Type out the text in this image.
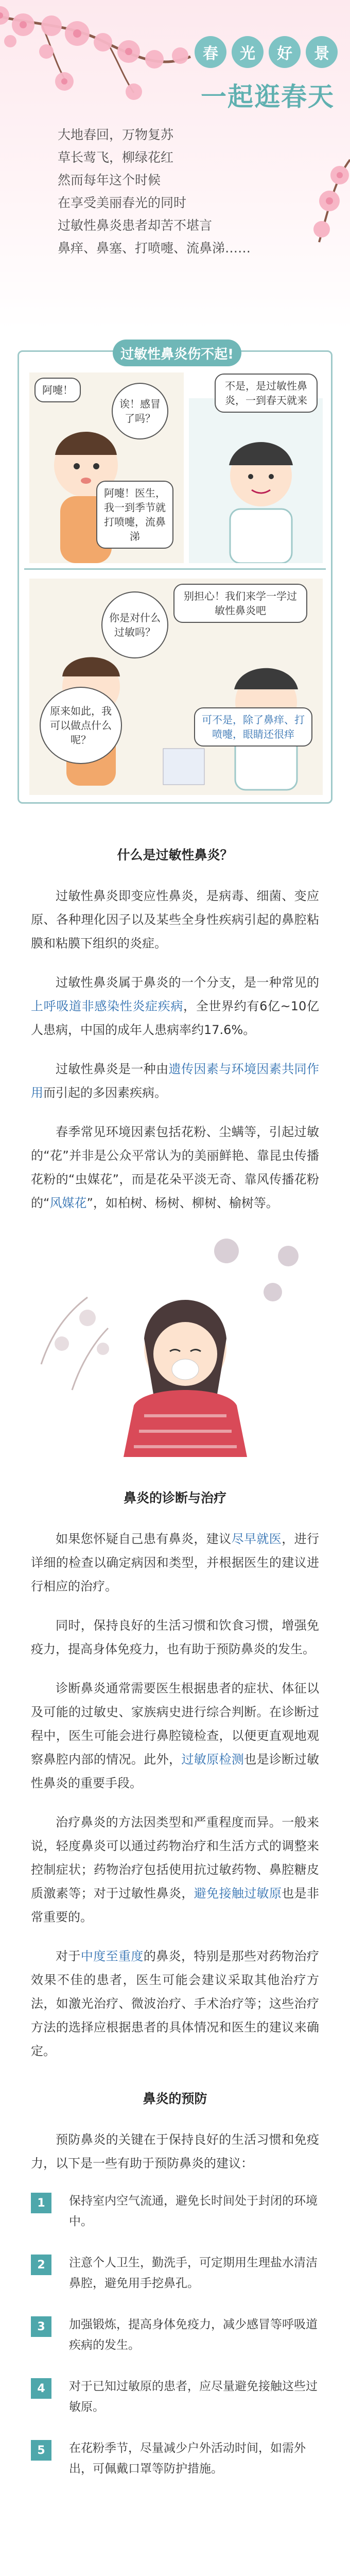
春	光	好	景
一起逛春天
大地春回，万物复苏
草长莺飞，柳绿花红
然而每年这个时候
在享受美丽春光的同时
过敏性鼻炎患者却苦不堪言
鼻痒、鼻塞、打喷嚏、流鼻涕……
过敏性鼻炎伤不起!
不是，是过敏性鼻炎，一到春天就来
阿嚏！
诶！感冒了吗？
阿嚏！医生，我一到季节就打喷嚏，流鼻涕
别担心！我们来学一学过敏性鼻炎吧
你是对什么过敏吗？
原来如此，我可以做点什么呢？
可不是，除了鼻痒、打喷嚏，眼睛还很痒
什么是过敏性鼻炎？

过敏性鼻炎即变应性鼻炎，是病毒、细菌、变应原、各种理化因子以及某些全身性疾病引起的鼻腔粘膜和粘膜下组织的炎症。

过敏性鼻炎属于鼻炎的一个分支，是一种常见的上呼吸道非感染性炎症疾病，全世界约有6亿~10亿人患病，中国的成年人患病率约17.6%。

过敏性鼻炎是一种由遗传因素与环境因素共同作用而引起的多因素疾病。

春季常见环境因素包括花粉、尘螨等，引起过敏的“花”并非是公众平常认为的美丽鲜艳、靠昆虫传播花粉的“虫媒花”，而是花朵平淡无奇、靠风传播花粉的“风媒花”，如柏树、杨树、柳树、榆树等。

鼻炎的诊断与治疗

如果您怀疑自己患有鼻炎，建议尽早就医，进行详细的检查以确定病因和类型，并根据医生的建议进行相应的治疗。

同时，保持良好的生活习惯和饮食习惯，增强免疫力，提高身体免疫力，也有助于预防鼻炎的发生。

诊断鼻炎通常需要医生根据患者的症状、体征以及可能的过敏史、家族病史进行综合判断。在诊断过程中，医生可能会进行鼻腔镜检查，以便更直观地观察鼻腔内部的情况。此外，过敏原检测也是诊断过敏性鼻炎的重要手段。

治疗鼻炎的方法因类型和严重程度而异。一般来说，轻度鼻炎可以通过药物治疗和生活方式的调整来控制症状；药物治疗包括使用抗过敏药物、鼻腔糖皮质激素等；对于过敏性鼻炎，避免接触过敏原也是非常重要的。

对于中度至重度的鼻炎，特别是那些对药物治疗效果不佳的患者，医生可能会建议采取其他治疗方法，如激光治疗、微波治疗、手术治疗等；这些治疗方法的选择应根据患者的具体情况和医生的建议来确定。

鼻炎的预防

预防鼻炎的关键在于保持良好的生活习惯和免疫力，以下是一些有助于预防鼻炎的建议：

1	保持室内空气流通，避免长时间处于封闭的环境中。
2	注意个人卫生，勤洗手，可定期用生理盐水清洁鼻腔，避免用手挖鼻孔。
3	加强锻炼，提高身体免疫力，减少感冒等呼吸道疾病的发生。
4	对于已知过敏原的患者，应尽量避免接触这些过敏原。
5	在花粉季节，尽量减少户外活动时间，如需外出，可佩戴口罩等防护措施。
